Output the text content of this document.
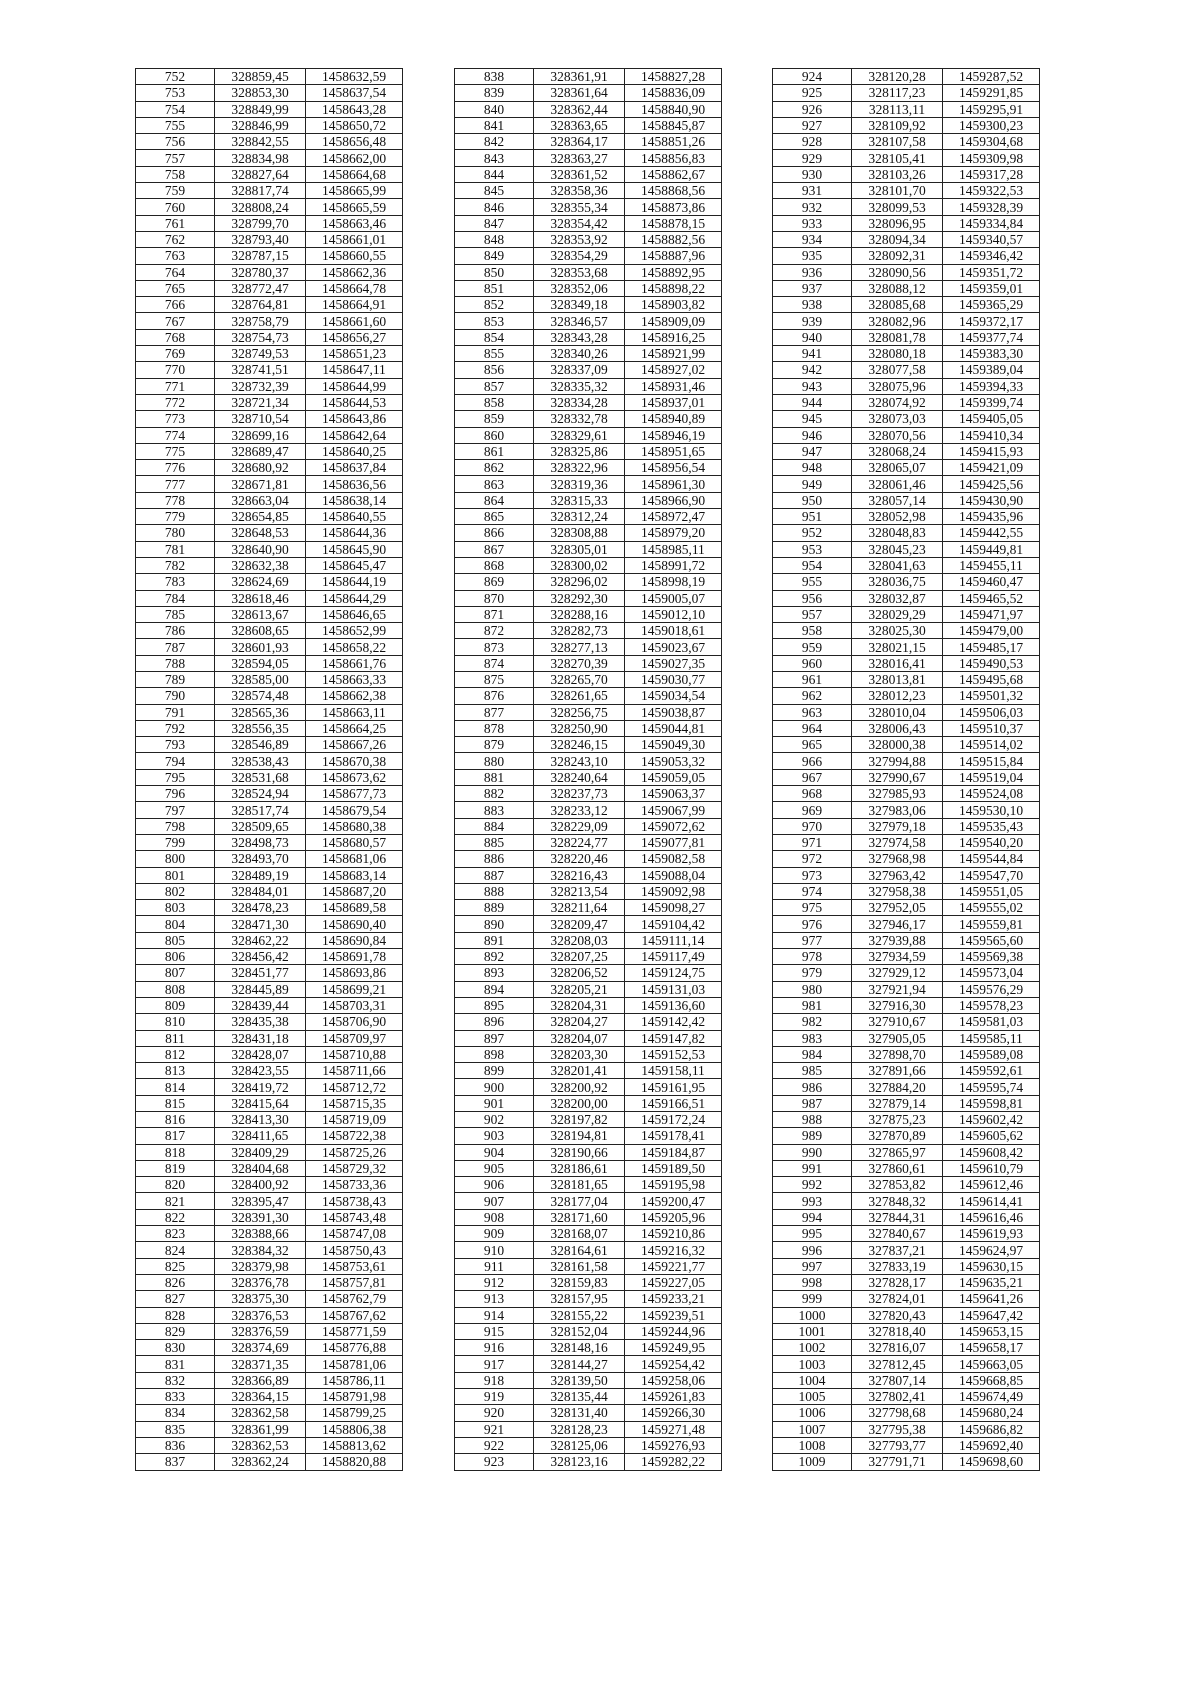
752	328859,45	1458632,59
753	328853,30	1458637,54
754	328849,99	1458643,28
755	328846,99	1458650,72
756	328842,55	1458656,48
757	328834,98	1458662,00
758	328827,64	1458664,68
759	328817,74	1458665,99
760	328808,24	1458665,59
761	328799,70	1458663,46
762	328793,40	1458661,01
763	328787,15	1458660,55
764	328780,37	1458662,36
765	328772,47	1458664,78
766	328764,81	1458664,91
767	328758,79	1458661,60
768	328754,73	1458656,27
769	328749,53	1458651,23
770	328741,51	1458647,11
771	328732,39	1458644,99
772	328721,34	1458644,53
773	328710,54	1458643,86
774	328699,16	1458642,64
775	328689,47	1458640,25
776	328680,92	1458637,84
777	328671,81	1458636,56
778	328663,04	1458638,14
779	328654,85	1458640,55
780	328648,53	1458644,36
781	328640,90	1458645,90
782	328632,38	1458645,47
783	328624,69	1458644,19
784	328618,46	1458644,29
785	328613,67	1458646,65
786	328608,65	1458652,99
787	328601,93	1458658,22
788	328594,05	1458661,76
789	328585,00	1458663,33
790	328574,48	1458662,38
791	328565,36	1458663,11
792	328556,35	1458664,25
793	328546,89	1458667,26
794	328538,43	1458670,38
795	328531,68	1458673,62
796	328524,94	1458677,73
797	328517,74	1458679,54
798	328509,65	1458680,38
799	328498,73	1458680,57
800	328493,70	1458681,06
801	328489,19	1458683,14
802	328484,01	1458687,20
803	328478,23	1458689,58
804	328471,30	1458690,40
805	328462,22	1458690,84
806	328456,42	1458691,78
807	328451,77	1458693,86
808	328445,89	1458699,21
809	328439,44	1458703,31
810	328435,38	1458706,90
811	328431,18	1458709,97
812	328428,07	1458710,88
813	328423,55	1458711,66
814	328419,72	1458712,72
815	328415,64	1458715,35
816	328413,30	1458719,09
817	328411,65	1458722,38
818	328409,29	1458725,26
819	328404,68	1458729,32
820	328400,92	1458733,36
821	328395,47	1458738,43
822	328391,30	1458743,48
823	328388,66	1458747,08
824	328384,32	1458750,43
825	328379,98	1458753,61
826	328376,78	1458757,81
827	328375,30	1458762,79
828	328376,53	1458767,62
829	328376,59	1458771,59
830	328374,69	1458776,88
831	328371,35	1458781,06
832	328366,89	1458786,11
833	328364,15	1458791,98
834	328362,58	1458799,25
835	328361,99	1458806,38
836	328362,53	1458813,62
837	328362,24	1458820,88
838	328361,91	1458827,28
839	328361,64	1458836,09
840	328362,44	1458840,90
841	328363,65	1458845,87
842	328364,17	1458851,26
843	328363,27	1458856,83
844	328361,52	1458862,67
845	328358,36	1458868,56
846	328355,34	1458873,86
847	328354,42	1458878,15
848	328353,92	1458882,56
849	328354,29	1458887,96
850	328353,68	1458892,95
851	328352,06	1458898,22
852	328349,18	1458903,82
853	328346,57	1458909,09
854	328343,28	1458916,25
855	328340,26	1458921,99
856	328337,09	1458927,02
857	328335,32	1458931,46
858	328334,28	1458937,01
859	328332,78	1458940,89
860	328329,61	1458946,19
861	328325,86	1458951,65
862	328322,96	1458956,54
863	328319,36	1458961,30
864	328315,33	1458966,90
865	328312,24	1458972,47
866	328308,88	1458979,20
867	328305,01	1458985,11
868	328300,02	1458991,72
869	328296,02	1458998,19
870	328292,30	1459005,07
871	328288,16	1459012,10
872	328282,73	1459018,61
873	328277,13	1459023,67
874	328270,39	1459027,35
875	328265,70	1459030,77
876	328261,65	1459034,54
877	328256,75	1459038,87
878	328250,90	1459044,81
879	328246,15	1459049,30
880	328243,10	1459053,32
881	328240,64	1459059,05
882	328237,73	1459063,37
883	328233,12	1459067,99
884	328229,09	1459072,62
885	328224,77	1459077,81
886	328220,46	1459082,58
887	328216,43	1459088,04
888	328213,54	1459092,98
889	328211,64	1459098,27
890	328209,47	1459104,42
891	328208,03	1459111,14
892	328207,25	1459117,49
893	328206,52	1459124,75
894	328205,21	1459131,03
895	328204,31	1459136,60
896	328204,27	1459142,42
897	328204,07	1459147,82
898	328203,30	1459152,53
899	328201,41	1459158,11
900	328200,92	1459161,95
901	328200,00	1459166,51
902	328197,82	1459172,24
903	328194,81	1459178,41
904	328190,66	1459184,87
905	328186,61	1459189,50
906	328181,65	1459195,98
907	328177,04	1459200,47
908	328171,60	1459205,96
909	328168,07	1459210,86
910	328164,61	1459216,32
911	328161,58	1459221,77
912	328159,83	1459227,05
913	328157,95	1459233,21
914	328155,22	1459239,51
915	328152,04	1459244,96
916	328148,16	1459249,95
917	328144,27	1459254,42
918	328139,50	1459258,06
919	328135,44	1459261,83
920	328131,40	1459266,30
921	328128,23	1459271,48
922	328125,06	1459276,93
923	328123,16	1459282,22
924	328120,28	1459287,52
925	328117,23	1459291,85
926	328113,11	1459295,91
927	328109,92	1459300,23
928	328107,58	1459304,68
929	328105,41	1459309,98
930	328103,26	1459317,28
931	328101,70	1459322,53
932	328099,53	1459328,39
933	328096,95	1459334,84
934	328094,34	1459340,57
935	328092,31	1459346,42
936	328090,56	1459351,72
937	328088,12	1459359,01
938	328085,68	1459365,29
939	328082,96	1459372,17
940	328081,78	1459377,74
941	328080,18	1459383,30
942	328077,58	1459389,04
943	328075,96	1459394,33
944	328074,92	1459399,74
945	328073,03	1459405,05
946	328070,56	1459410,34
947	328068,24	1459415,93
948	328065,07	1459421,09
949	328061,46	1459425,56
950	328057,14	1459430,90
951	328052,98	1459435,96
952	328048,83	1459442,55
953	328045,23	1459449,81
954	328041,63	1459455,11
955	328036,75	1459460,47
956	328032,87	1459465,52
957	328029,29	1459471,97
958	328025,30	1459479,00
959	328021,15	1459485,17
960	328016,41	1459490,53
961	328013,81	1459495,68
962	328012,23	1459501,32
963	328010,04	1459506,03
964	328006,43	1459510,37
965	328000,38	1459514,02
966	327994,88	1459515,84
967	327990,67	1459519,04
968	327985,93	1459524,08
969	327983,06	1459530,10
970	327979,18	1459535,43
971	327974,58	1459540,20
972	327968,98	1459544,84
973	327963,42	1459547,70
974	327958,38	1459551,05
975	327952,05	1459555,02
976	327946,17	1459559,81
977	327939,88	1459565,60
978	327934,59	1459569,38
979	327929,12	1459573,04
980	327921,94	1459576,29
981	327916,30	1459578,23
982	327910,67	1459581,03
983	327905,05	1459585,11
984	327898,70	1459589,08
985	327891,66	1459592,61
986	327884,20	1459595,74
987	327879,14	1459598,81
988	327875,23	1459602,42
989	327870,89	1459605,62
990	327865,97	1459608,42
991	327860,61	1459610,79
992	327853,82	1459612,46
993	327848,32	1459614,41
994	327844,31	1459616,46
995	327840,67	1459619,93
996	327837,21	1459624,97
997	327833,19	1459630,15
998	327828,17	1459635,21
999	327824,01	1459641,26
1000	327820,43	1459647,42
1001	327818,40	1459653,15
1002	327816,07	1459658,17
1003	327812,45	1459663,05
1004	327807,14	1459668,85
1005	327802,41	1459674,49
1006	327798,68	1459680,24
1007	327795,38	1459686,82
1008	327793,77	1459692,40
1009	327791,71	1459698,60
